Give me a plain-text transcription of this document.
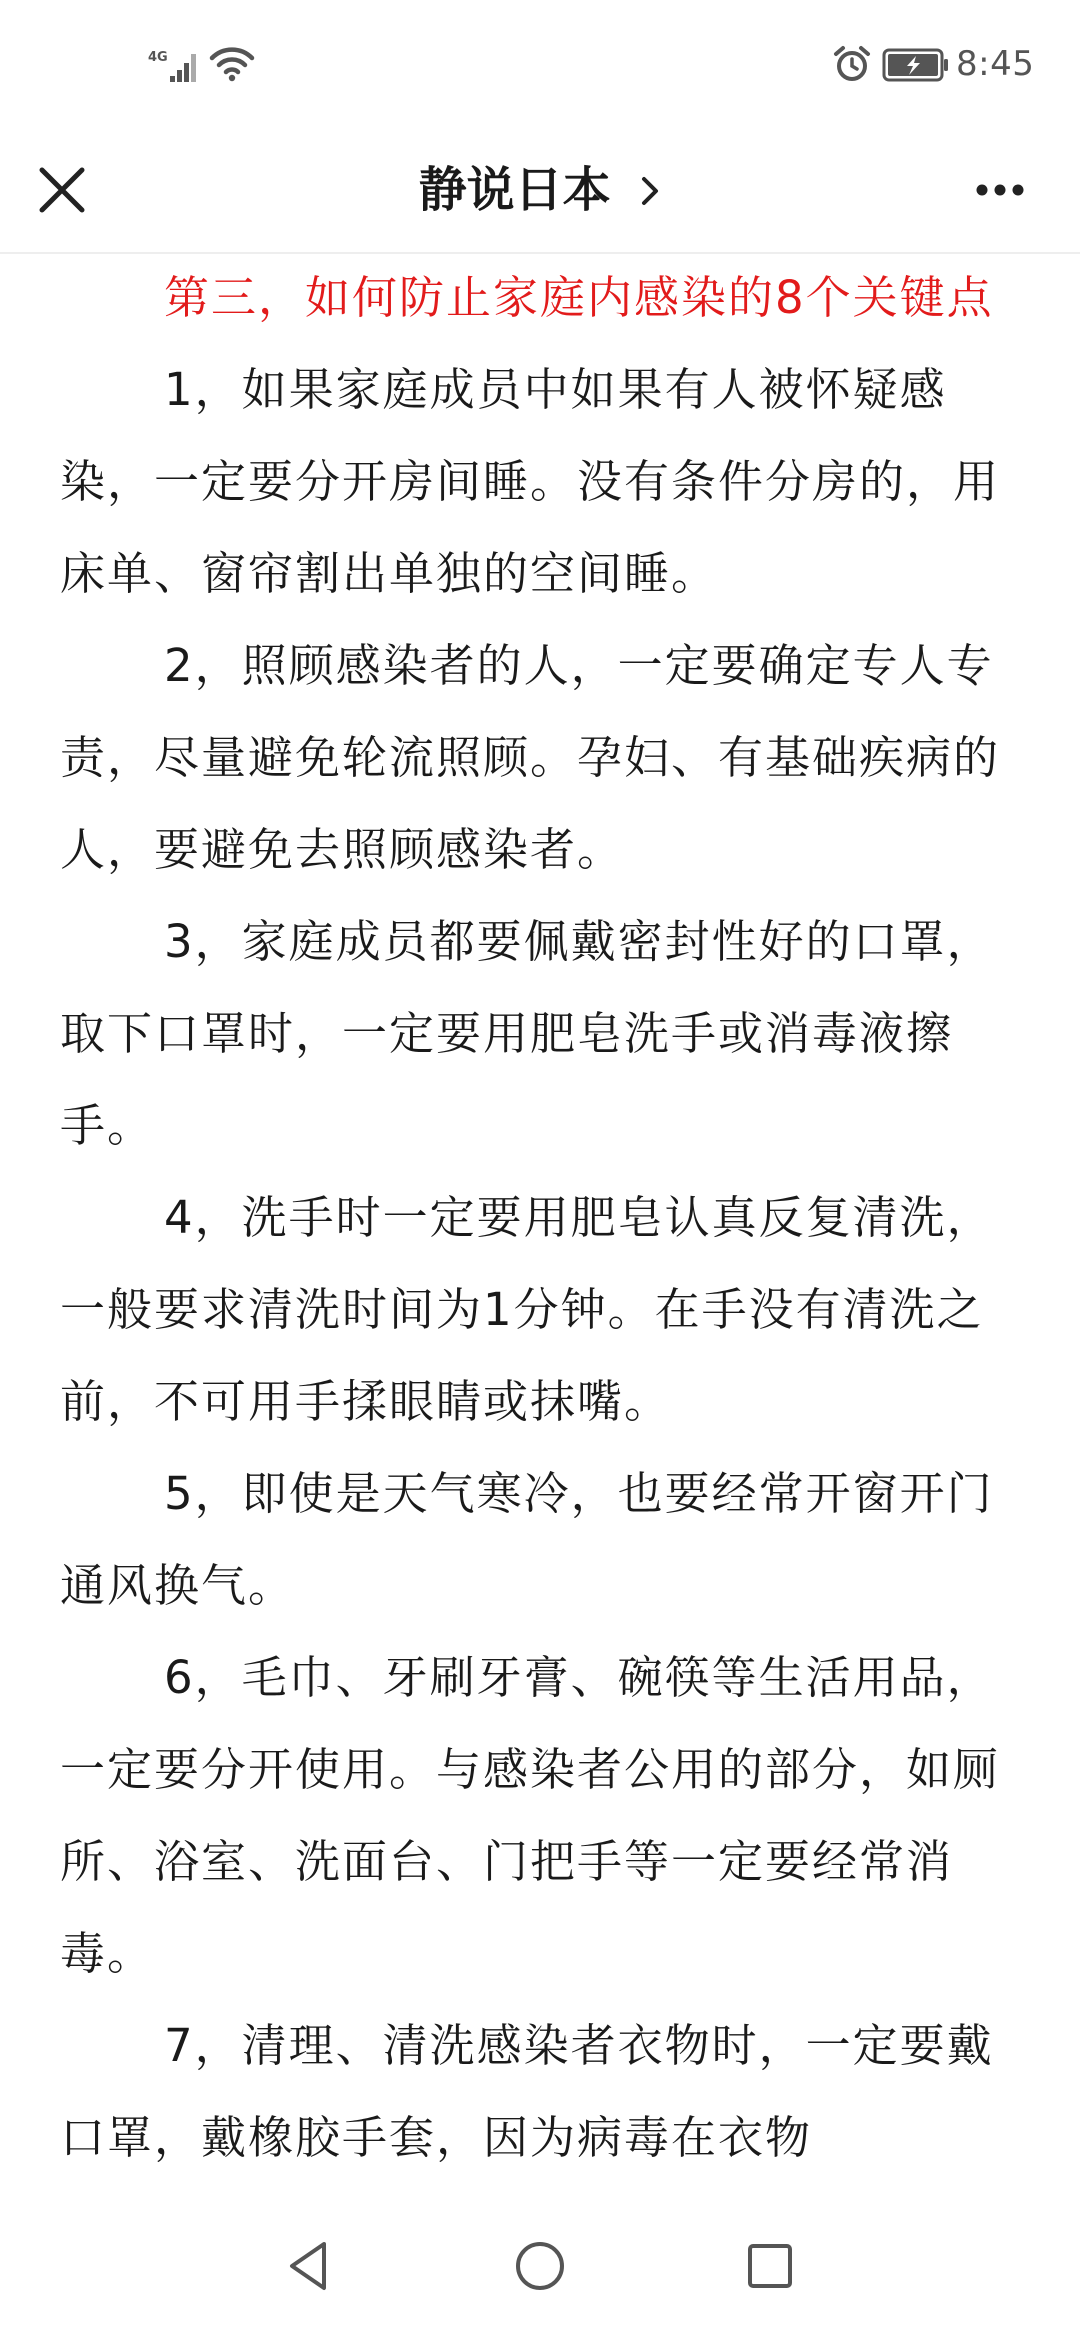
4G	8:45
静说日本

第三，如何防止家庭内感染的8个关键点

1，如果家庭成员中如果有人被怀疑感染，一定要分开房间睡。没有条件分房的，用床单、窗帘割出单独的空间睡。

2，照顾感染者的人，一定要确定专人专责，尽量避免轮流照顾。孕妇、有基础疾病的人，要避免去照顾感染者。

3，家庭成员都要佩戴密封性好的口罩，取下口罩时，一定要用肥皂洗手或消毒液擦手。

4，洗手时一定要用肥皂认真反复清洗，一般要求清洗时间为1分钟。在手没有清洗之前，不可用手揉眼睛或抹嘴。

5，即使是天气寒冷，也要经常开窗开门通风换气。

6，毛巾、牙刷牙膏、碗筷等生活用品，一定要分开使用。与感染者公用的部分，如厕所、浴室、洗面台、门把手等一定要经常消毒。

7，清理、清洗感染者衣物时，一定要戴口罩，戴橡胶手套，因为病毒在衣物
